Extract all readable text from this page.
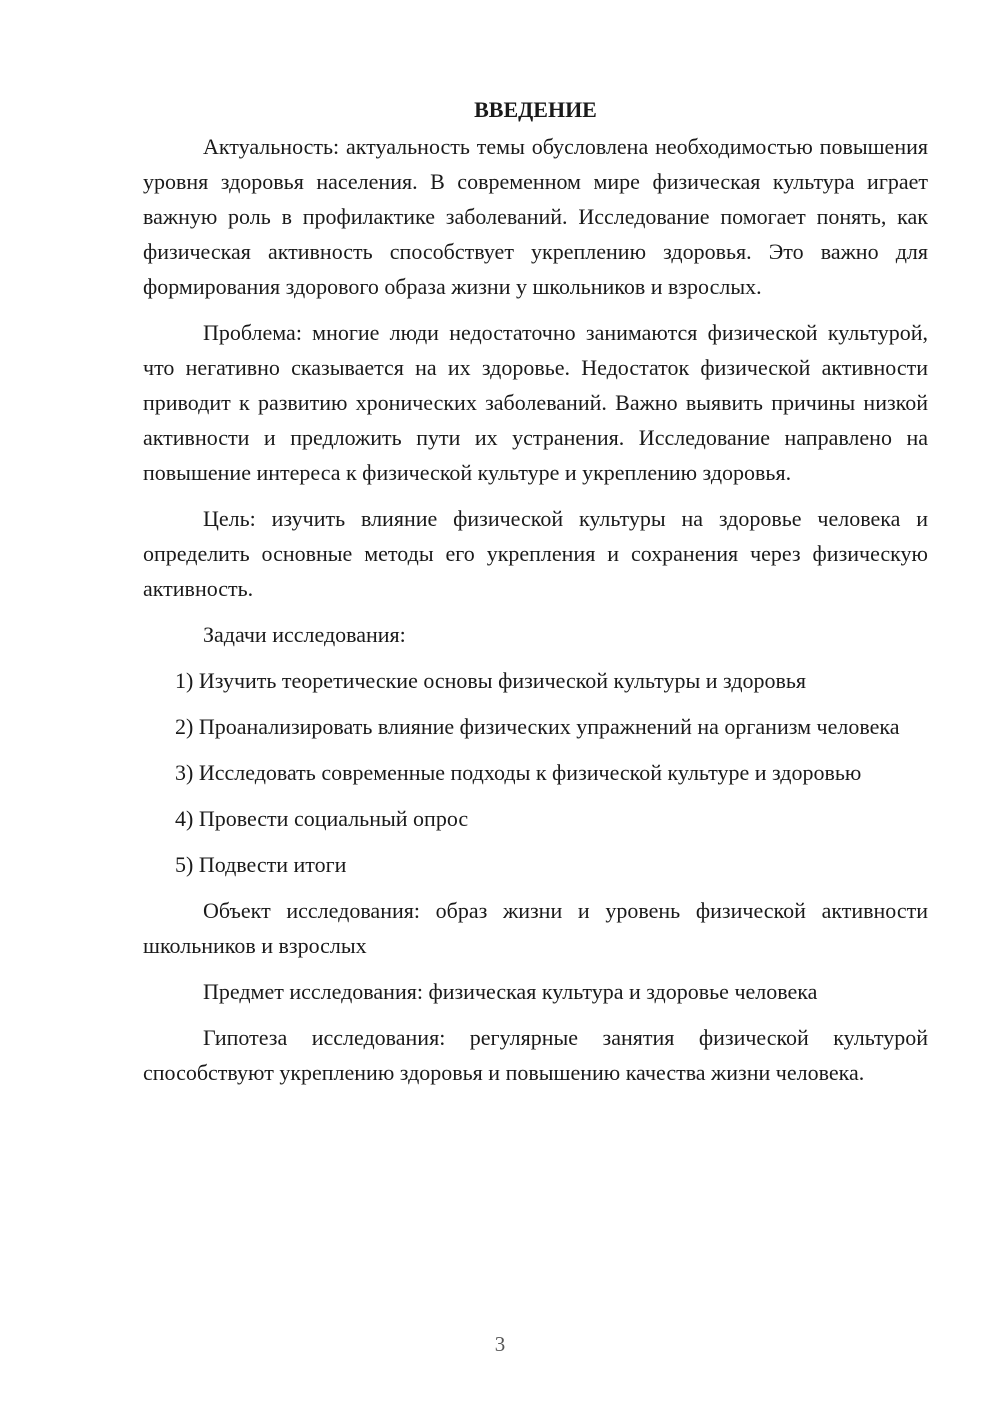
ВВЕДЕНИЕ

Актуальность: актуальность темы обусловлена необходимостью повышения уровня здоровья населения. В современном мире физическая культура играет важную роль в профилактике заболеваний. Исследование помогает понять, как физическая активность способствует укреплению здоровья. Это важно для формирования здорового образа жизни у школьников и взрослых.

Проблема: многие люди недостаточно занимаются физической культурой, что негативно сказывается на их здоровье. Недостаток физической активности приводит к развитию хронических заболеваний. Важно выявить причины низкой активности и предложить пути их устранения. Исследование направлено на повышение интереса к физической культуре и укреплению здоровья.

Цель: изучить влияние физической культуры на здоровье человека и определить основные методы его укрепления и сохранения через физическую активность.

Задачи исследования:

1) Изучить теоретические основы физической культуры и здоровья

2) Проанализировать влияние физических упражнений на организм человека

3) Исследовать современные подходы к физической культуре и здоровью

4) Провести социальный опрос

5) Подвести итоги

Объект исследования: образ жизни и уровень физической активности школьников и взрослых

Предмет исследования: физическая культура и здоровье человека

Гипотеза исследования: регулярные занятия физической культурой способствуют укреплению здоровья и повышению качества жизни человека.

3
